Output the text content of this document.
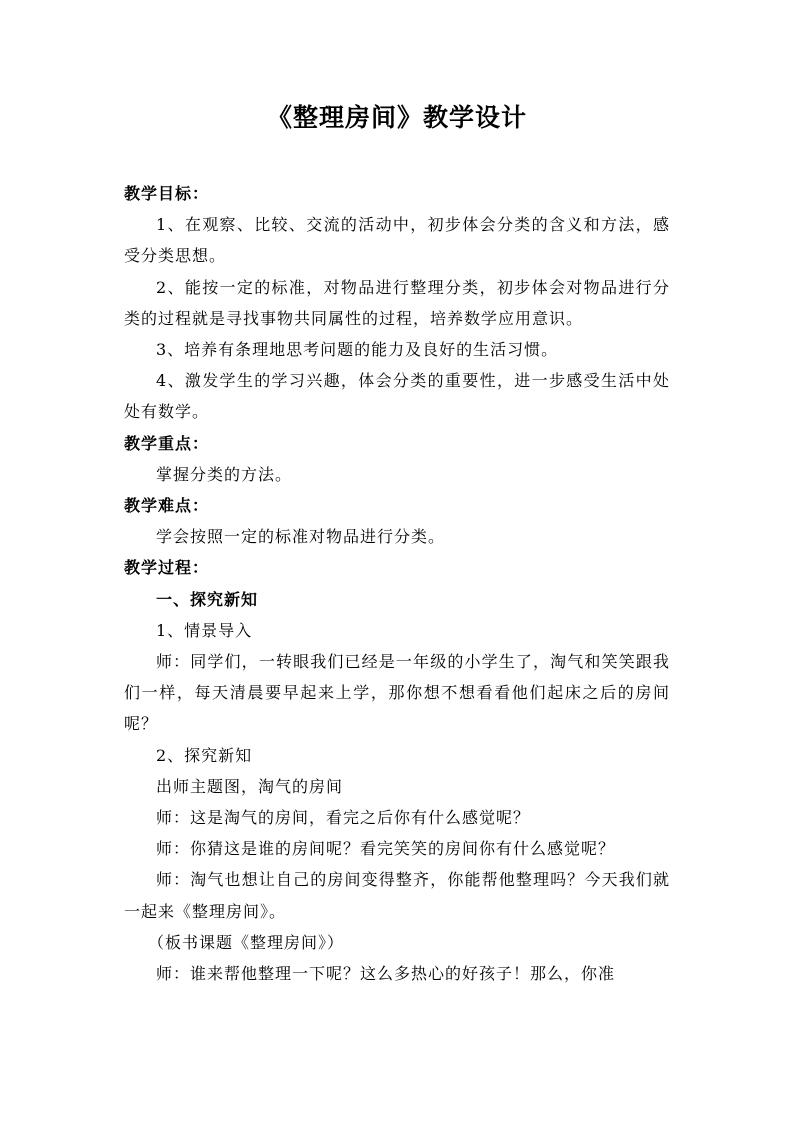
《整理房间》教学设计

教学目标：

1、在观察、比较、交流的活动中，初步体会分类的含义和方法，感受分类思想。

2、能按一定的标准，对物品进行整理分类，初步体会对物品进行分类的过程就是寻找事物共同属性的过程，培养数学应用意识。

3、培养有条理地思考问题的能力及良好的生活习惯。

4、激发学生的学习兴趣，体会分类的重要性，进一步感受生活中处处有数学。

教学重点：

掌握分类的方法。

教学难点：

学会按照一定的标准对物品进行分类。

教学过程：

一、探究新知

1、情景导入

师：同学们，一转眼我们已经是一年级的小学生了，淘气和笑笑跟我们一样，每天清晨要早起来上学，那你想不想看看他们起床之后的房间呢？

2、探究新知

出师主题图，淘气的房间

师：这是淘气的房间，看完之后你有什么感觉呢？

师：你猜这是谁的房间呢？看完笑笑的房间你有什么感觉呢？

师：淘气也想让自己的房间变得整齐，你能帮他整理吗？今天我们就一起来《整理房间》。

（板书课题《整理房间》）

师：谁来帮他整理一下呢？这么多热心的好孩子！那么，你准
